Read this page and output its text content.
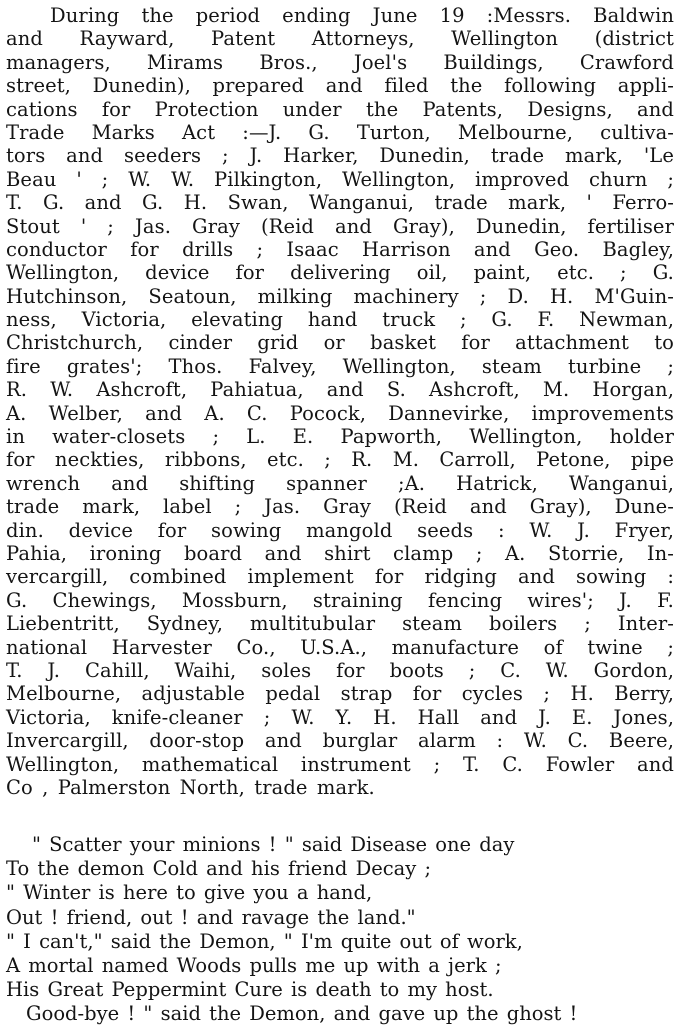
During the period ending June 19 :Messrs. Baldwin
and Rayward, Patent Attorneys, Wellington (district
managers, Mirams Bros., Joel's Buildings, Crawford
street, Dunedin), prepared and filed the following appli-
cations for Protection under the Patents, Designs, and
Trade Marks Act :—J. G. Turton, Melbourne, cultiva-
tors and seeders ; J. Harker, Dunedin, trade mark, 'Le
Beau ' ; W. W. Pilkington, Wellington, improved churn ;
T. G. and G. H. Swan, Wanganui, trade mark, ' Ferro-
Stout ' ; Jas. Gray (Reid and Gray), Dunedin, fertiliser
conductor for drills ; Isaac Harrison and Geo. Bagley,
Wellington, device for delivering oil, paint, etc. ; G.
Hutchinson, Seatoun, milking machinery ; D. H. M'Guin-
ness, Victoria, elevating hand truck ; G. F. Newman,
Christchurch, cinder grid or basket for attachment to
fire grates'; Thos. Falvey, Wellington, steam turbine ;
R. W. Ashcroft, Pahiatua, and S. Ashcroft, M. Horgan,
A. Welber, and A. C. Pocock, Dannevirke, improvements
in water-closets ; L. E. Papworth, Wellington, holder
for neckties, ribbons, etc. ; R. M. Carroll, Petone, pipe
wrench and shifting spanner ;A. Hatrick, Wanganui,
trade mark, label ; Jas. Gray (Reid and Gray), Dune-
din. device for sowing mangold seeds : W. J. Fryer,
Pahia, ironing board and shirt clamp ; A. Storrie, In-
vercargill, combined implement for ridging and sowing :
G. Chewings, Mossburn, straining fencing wires'; J. F.
Liebentritt, Sydney, multitubular steam boilers ; Inter-
national Harvester Co., U.S.A., manufacture of twine ;
T. J. Cahill, Waihi, soles for boots ; C. W. Gordon,
Melbourne, adjustable pedal strap for cycles ; H. Berry,
Victoria, knife-cleaner ; W. Y. H. Hall and J. E. Jones,
Invercargill, door-stop and burglar alarm : W. C. Beere,
Wellington, mathematical instrument ; T. C. Fowler and
Co , Palmerston North, trade mark.
" Scatter your minions ! " said Disease one day
To the demon Cold and his friend Decay ;
" Winter is here to give you a hand,
Out ! friend, out ! and ravage the land."
" I can't," said the Demon, " I'm quite out of work,
A mortal named Woods pulls me up with a jerk ;
His Great Peppermint Cure is death to my host.
Good-bye ! " said the Demon, and gave up the ghost !
